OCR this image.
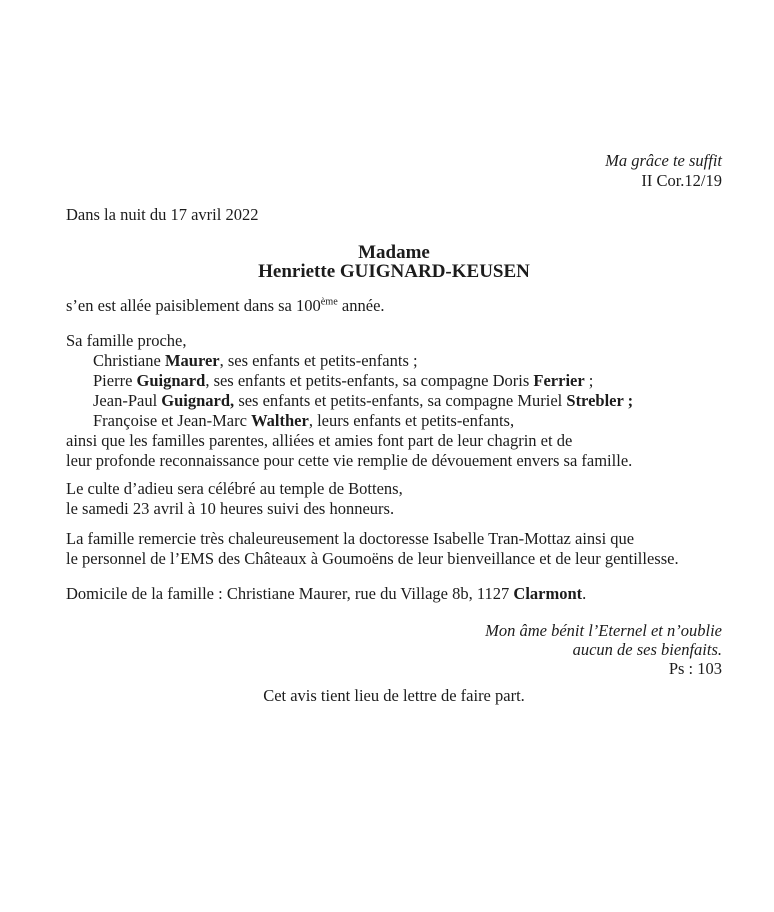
Ma grâce te suffit
II Cor.12/19
Dans la nuit du 17 avril 2022
Madame
Henriette GUIGNARD-KEUSEN
s’en est allée paisiblement dans sa 100ème année.
Sa famille proche,
Christiane Maurer, ses enfants et petits-enfants ;
Pierre Guignard, ses enfants et petits-enfants, sa compagne Doris Ferrier ;
Jean-Paul Guignard, ses enfants et petits-enfants, sa compagne Muriel Strebler ;
Françoise et Jean-Marc Walther, leurs enfants et petits-enfants,
ainsi que les familles parentes, alliées et amies font part de leur chagrin et de
leur profonde reconnaissance pour cette vie remplie de dévouement envers sa famille.
Le culte d’adieu sera célébré au temple de Bottens,
le samedi 23 avril à 10 heures suivi des honneurs.
La famille remercie très chaleureusement la doctoresse Isabelle Tran-Mottaz ainsi que
le personnel de l’EMS des Châteaux à Goumoëns de leur bienveillance et de leur gentillesse.
Domicile de la famille : Christiane Maurer, rue du Village 8b, 1127 Clarmont.
Mon âme bénit l’Eternel et n’oublie
aucun de ses bienfaits.
Ps : 103
Cet avis tient lieu de lettre de faire part.
